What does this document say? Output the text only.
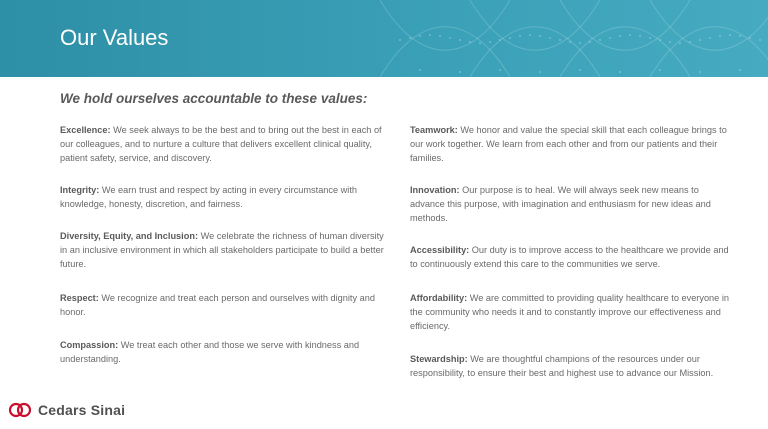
Our Values
We hold ourselves accountable to these values:
Excellence: We seek always to be the best and to bring out the best in each of our colleagues, and to nurture a culture that delivers excellent clinical quality, patient safety, service, and discovery.
Integrity: We earn trust and respect by acting in every circumstance with knowledge, honesty, discretion, and fairness.
Diversity, Equity, and Inclusion: We celebrate the richness of human diversity in an inclusive environment in which all stakeholders participate to build a better future.
Respect: We recognize and treat each person and ourselves with dignity and honor.
Compassion: We treat each other and those we serve with kindness and understanding.
Teamwork: We honor and value the special skill that each colleague brings to our work together. We learn from each other and from our patients and their families.
Innovation: Our purpose is to heal. We will always seek new means to advance this purpose, with imagination and enthusiasm for new ideas and methods.
Accessibility: Our duty is to improve access to the healthcare we provide and to continuously extend this care to the communities we serve.
Affordability: We are committed to providing quality healthcare to everyone in the community who needs it and to constantly improve our effectiveness and efficiency.
Stewardship: We are thoughtful champions of the resources under our responsibility, to ensure their best and highest use to advance our Mission.
Cedars Sinai
